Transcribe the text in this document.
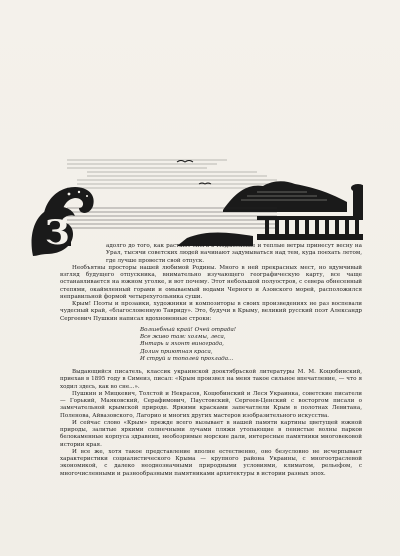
З	адолго до того, как растают снега в Подмосковье и теплые ветры принесут весну на Урал, тысячи советских людей начинают задумываться над тем, куда поехать летом, где лучше провести свой отпуск.

Необъятны просторы нашей любимой Родины. Много в ней прекрасных мест, но вдумчивый взгляд будущего отпускника, внимательно изучающего географическую карту, все чаще останавливается на южном уголке, и вот почему. Этот небольшой полуостров, с севера обнесенный степями, окаймленный горами и омываемый водами Черного и Азовского морей, расположился неправильной формой четырехугольника суши.

Крым! Поэты и прозаики, художники и композиторы в своих произведениях не раз воспевали чудесный край, «благословенную Тавриду». Это, будучи в Крыму, великий русский поэт Александр Сергеевич Пушкин написал вдохновенные строки:

Волшебный край! Очей отрада!
Все живо там: холмы, леса,
Янтарь и яхонт винограда,
Долин приютная краса,
И струй и тополей прохлада...

Выдающийся писатель, классик украинской дооктябрьской литературы М. М. Коцюбинский, приехав в 1895 году в Симеиз, писал: «Крым произвел на меня такое сильное впечатление, — что я ходил здесь, как во сне...».

Пушкин и Мицкевич, Толстой и Некрасов, Коцюбинский и Леся Украинка, советские писатели — Горький, Маяковский, Серафимович, Паустовский, Сергеев-Ценский с восторгом писали о замечательной крымской природе. Яркими красками запечатлели Крым в полотнах Левитана, Поленова, Айвазовского, Лагорио и многих других мастеров изобразительного искусства.

И сейчас слово «Крым» прежде всего вызывает в нашей памяти картины цветущей южной природы, залитые яркими солнечными лучами пляжи утопающие в пенистые волны парков белокаменные корпуса здравниц, необозримые морские дали, интересные памятники многовековой истории края.

И все же, хотя такое представление вполне естественно, оно безусловно не исчерпывает характеристики социалистического Крыма — крупного района Украины, с многоотраслевой экономикой, с далеко неоднозначными природными условиями, климатом, рельефом, с многочисленными и разнообразными памятниками архитектуры в истории разных эпох.
